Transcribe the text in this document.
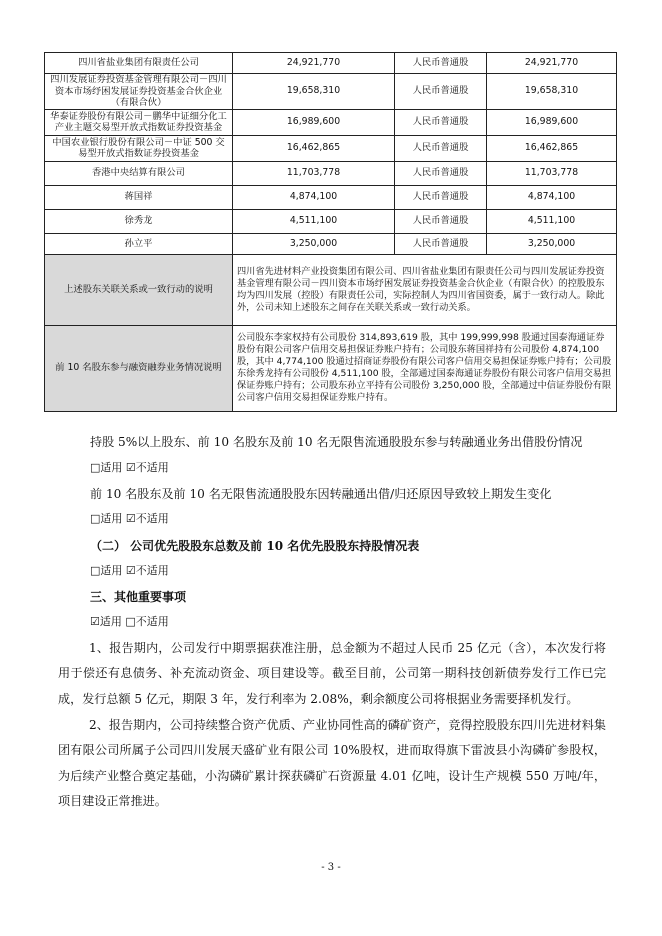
四川省盐业集团有限责任公司	24,921,770	人民币普通股	24,921,770
四川发展证券投资基金管理有限公司－四川资本市场纾困发展证券投资基金合伙企业（有限合伙）	19,658,310	人民币普通股	19,658,310
华泰证券股份有限公司－鹏华中证细分化工产业主题交易型开放式指数证券投资基金	16,989,600	人民币普通股	16,989,600
中国农业银行股份有限公司－中证 500 交易型开放式指数证券投资基金	16,462,865	人民币普通股	16,462,865
香港中央结算有限公司	11,703,778	人民币普通股	11,703,778
蒋国祥	4,874,100	人民币普通股	4,874,100
徐秀龙	4,511,100	人民币普通股	4,511,100
孙立平	3,250,000	人民币普通股	3,250,000
上述股东关联关系或一致行动的说明	四川省先进材料产业投资集团有限公司、四川省盐业集团有限责任公司与四川发展证券投资基金管理有限公司－四川资本市场纾困发展证券投资基金合伙企业（有限合伙）的控股股东均为四川发展（控股）有限责任公司，实际控制人为四川省国资委，属于一致行动人。除此外，公司未知上述股东之间存在关联关系或一致行动关系。		
前 10 名股东参与融资融券业务情况说明	公司股东李家权持有公司股份 314,893,619 股，其中 199,999,998 股通过国泰海通证券股份有限公司客户信用交易担保证券账户持有；公司股东蒋国祥持有公司股份 4,874,100股，其中 4,774,100 股通过招商证券股份有限公司客户信用交易担保证券账户持有；公司股东徐秀龙持有公司股份 4,511,100 股，全部通过国泰海通证券股份有限公司客户信用交易担保证券账户持有；公司股东孙立平持有公司股份 3,250,000 股，全部通过中信证券股份有限公司客户信用交易担保证券账户持有。		

持股 5%以上股东、前 10 名股东及前 10 名无限售流通股股东参与转融通业务出借股份情况

□适用 ☑不适用

前 10 名股东及前 10 名无限售流通股股东因转融通出借/归还原因导致较上期发生变化

□适用 ☑不适用

（二） 公司优先股股东总数及前 10 名优先股股东持股情况表

□适用 ☑不适用

三、其他重要事项

☑适用 □不适用

1、报告期内，公司发行中期票据获准注册，总金额为不超过人民币 25 亿元（含），本次发行将用于偿还有息债务、补充流动资金、项目建设等。截至目前，公司第一期科技创新债券发行工作已完成，发行总额 5 亿元，期限 3 年，发行利率为 2.08%，剩余额度公司将根据业务需要择机发行。

2、报告期内，公司持续整合资产优质、产业协同性高的磷矿资产，竞得控股股东四川先进材料集团有限公司所属子公司四川发展天盛矿业有限公司 10%股权，进而取得旗下雷波县小沟磷矿参股权，为后续产业整合奠定基础，小沟磷矿累计探获磷矿石资源量 4.01 亿吨，设计生产规模 550 万吨/年，项目建设正常推进。

- 3 -
